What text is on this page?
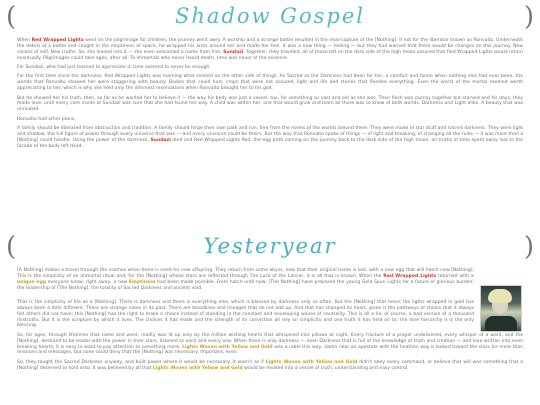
(	Shadow Gospel	)

When Red Wrapped Lights went on the pilgrimage for children, the journey went awry. A worship and a strange battle resulted in the near-capture of the [Nothing]. If not for the liberator known as Ronvalto. Underneath the debris of a battle and caught in the emptiness of space, he wrapped his arms around her and made her feel. It was a new thing — feeling — but they had warned that there would be changes on this journey. New visions of self. New truths. So, she leaned into it — she even welcomed a name from him, Sundazi. Together, they traveled, all of those left on the dark side of the high moon assured that Red Wrapped Lights would return eventually. Pilgrimages could take ages, after all. To immortals who never heard death, time was never of the essence.

For Sundazi, who had just learned to appreciate it, time seemed to never be enough.

For the first time since the darkness, Red Wrapped Lights was learning what existed on the other side of things. As Sacred as the Darkness had been for her, a comfort and home when nothing else had ever been, the worlds that Ronvalto showed her were staggering with beauty. Bodies that could hurt, crops that were not assured, light and life and stories that flooded everything. Even the worst of the mortal seemed worth appreciating to her, which is why she held only the dimmest reservations when Ronvalto brought her to his god.

But he showed her his truth, then, so far as he wanted her to believe it — the way his body was just a vessel, too, for something as vast and old as she was. Their flesh was clumsy together but starved and for days, they made love, until every core inside of Sundazi was sure that she had found her way. A child was within her, one that would grow and learn all there was to know of both worlds. Darkness and Light alike. A beauty that was unrivaled.

Ronvalto had other plans.

A family should be liberated from obstruction and tradition. A family should forge their own path and run, free from the norms of the worlds around them. They were made of star stuff and sacred darkness. They were light and shadow, the full figure of power through every universe that was — and every universe could be theirs. But the way that Ronvalto spoke of things — of light and breaking, of changing all the rules — it was more than a [Nothing] could handle. Using the power of the darkness, Sundazi died and Red Wrapped Lights fled, the egg birth coming on the journey back to the dark side of the high moon, all truths of time spent away lost to the facade of the body left dead.

(	Yesteryear	)

[A Nothing] makes a travel through the cosmos when there is need for new offspring. They return from some abyss, now that their original home is lost, with a new egg that will hatch new [Nothing]. This is the simplicity of an immortal ritual and, for the [Nothing] whose stars are reflected through The Luck of the Lancer, it is all that is known. When the Red Wrapped Lights returned with a unique egg everyone knew, right away, a new Emptiness had been made possible. From hatch until now, [The Nothing] have prepared the young Gold Spun Lights for a future of glorious burden: the leadership of [The Nothing], the totality of Sacred Darkness and ancient void.

That is the simplicity of life as a [Nothing]. There is darkness and there is everything else, which is blessed by darkness only so often. But the [Nothing] that hears the lights wrapped in gold has always been a little different. There are strange notes in its past. There are bloodlines and lineages that do not add up. And that has changed its heart, given it the pathways of choice that it always felt others did not have; this [Nothing] has the right to make a choice instead of standing in the constant and enveloping waves of neutrality. This is all a lie, of course, a bad version of a thousand mistruths. But it is the scripture by which it lives. The choices it has made and the strength of its conviction all rely on simplicity and one truth it has held on to: the lone hierarchy it is the only blessing.

So, for ages, through lifetimes that came and went, reality was lit up only by the million wishing hearts that whispered into pillows at night. Every fracture of a prayer undelivered, every whisper of a want, and the [Nothing], destined to be leader with the power in their stars, listened to each and every one. When there is only darkness — even Darkness that is full of the knowledge of truth and creation — and love written into even breaking hearts, it is easy to want to pay attention to something more. Lights Woven with Yellow and Gold was a rebel this way, damn near an apostate with the heathen way it looked toward the stars for more than missions and messages, but none could deny that the [Nothing] was necessary. Important, even.

So, they taught the Sacred Darkness anyway, and built power where it would be necessary. It wasn't as if Lights Woven with Yellow and Gold didn't obey every command, or believe that will was something that a [Nothing] deserved to hold onto. It was believed by all that Lights Woven with Yellow and Gold would be molded into a vessel of truth, understanding and easy control.
